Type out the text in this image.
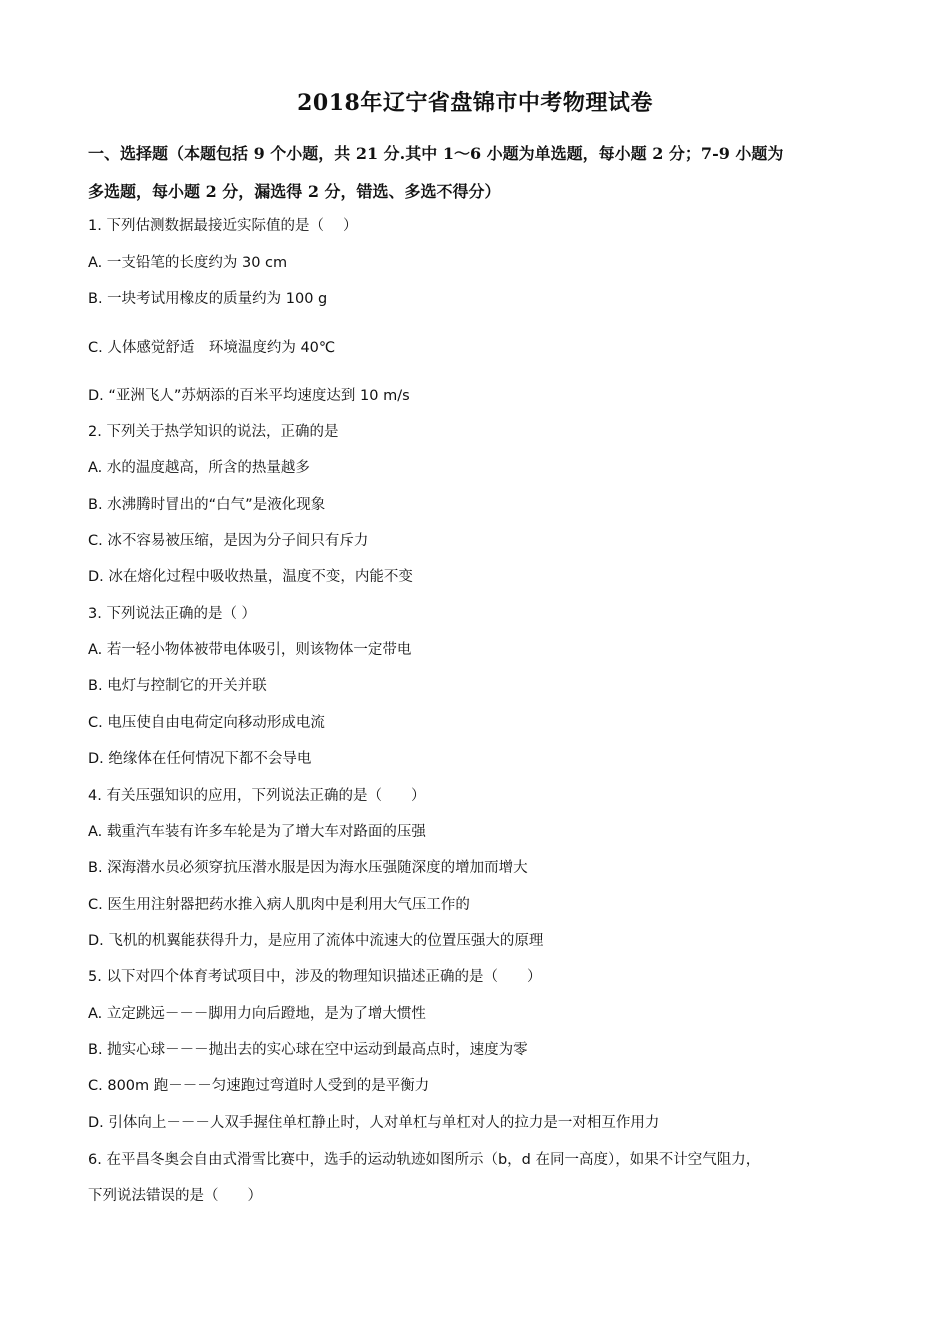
2018年辽宁省盘锦市中考物理试卷
一、选择题（本题包括 9 个小题，共 21 分.其中 1～6 小题为单选题，每小题 2 分；7-9 小题为
多选题，每小题 2 分，漏选得 2 分，错选、多选不得分）
1. 下列估测数据最接近实际值的是（　 ）
A. 一支铅笔的长度约为 30 cm
B. 一块考试用橡皮的质量约为 100 g
C. 人体感觉舒适　环境温度约为 40℃
D. “亚洲飞人”苏炳添的百米平均速度达到 10 m/s
2. 下列关于热学知识的说法，正确的是
A. 水的温度越高，所含的热量越多
B. 水沸腾时冒出的“白气”是液化现象
C. 冰不容易被压缩，是因为分子间只有斥力
D. 冰在熔化过程中吸收热量，温度不变，内能不变
3. 下列说法正确的是（ ）
A. 若一轻小物体被带电体吸引，则该物体一定带电
B. 电灯与控制它的开关并联
C. 电压使自由电荷定向移动形成电流
D. 绝缘体在任何情况下都不会导电
4. 有关压强知识的应用，下列说法正确的是（　　）
A. 载重汽车装有许多车轮是为了增大车对路面的压强
B. 深海潜水员必须穿抗压潜水服是因为海水压强随深度的增加而增大
C. 医生用注射器把药水推入病人肌肉中是利用大气压工作的
D. 飞机的机翼能获得升力，是应用了流体中流速大的位置压强大的原理
5. 以下对四个体育考试项目中，涉及的物理知识描述正确的是（　　）
A. 立定跳远－－－脚用力向后蹬地，是为了增大惯性
B. 抛实心球－－－抛出去的实心球在空中运动到最高点时，速度为零
C. 800m 跑－－－匀速跑过弯道时人受到的是平衡力
D. 引体向上－－－人双手握住单杠静止时，人对单杠与单杠对人的拉力是一对相互作用力
6. 在平昌冬奥会自由式滑雪比赛中，选手的运动轨迹如图所示（b，d 在同一高度），如果不计空气阻力，
下列说法错误的是（　　）
